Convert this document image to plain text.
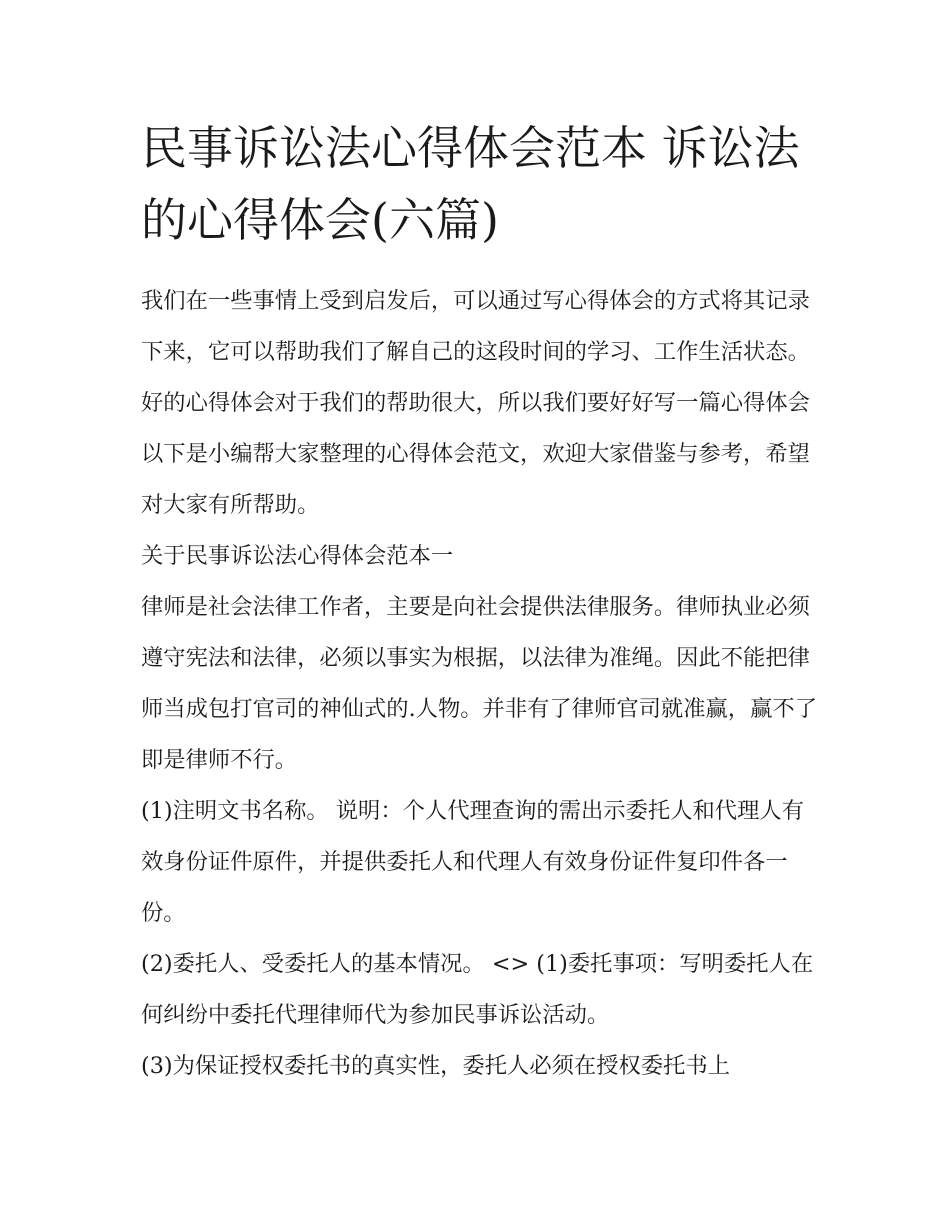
民事诉讼法心得体会范本 诉讼法的心得体会(六篇)

我们在一些事情上受到启发后，可以通过写心得体会的方式将其记录下来，它可以帮助我们了解自己的这段时间的学习、工作生活状态。好的心得体会对于我们的帮助很大，所以我们要好好写一篇心得体会以下是小编帮大家整理的心得体会范文，欢迎大家借鉴与参考，希望对大家有所帮助。

关于民事诉讼法心得体会范本一

律师是社会法律工作者，主要是向社会提供法律服务。律师执业必须遵守宪法和法律，必须以事实为根据，以法律为准绳。因此不能把律师当成包打官司的神仙式的.人物。并非有了律师官司就准赢，赢不了即是律师不行。

(1)注明文书名称。 说明：个人代理查询的需出示委托人和代理人有效身份证件原件，并提供委托人和代理人有效身份证件复印件各一份。

(2)委托人、受委托人的基本情况。 <> (1)委托事项：写明委托人在何纠纷中委托代理律师代为参加民事诉讼活动。

(3)为保证授权委托书的真实性，委托人必须在授权委托书上
